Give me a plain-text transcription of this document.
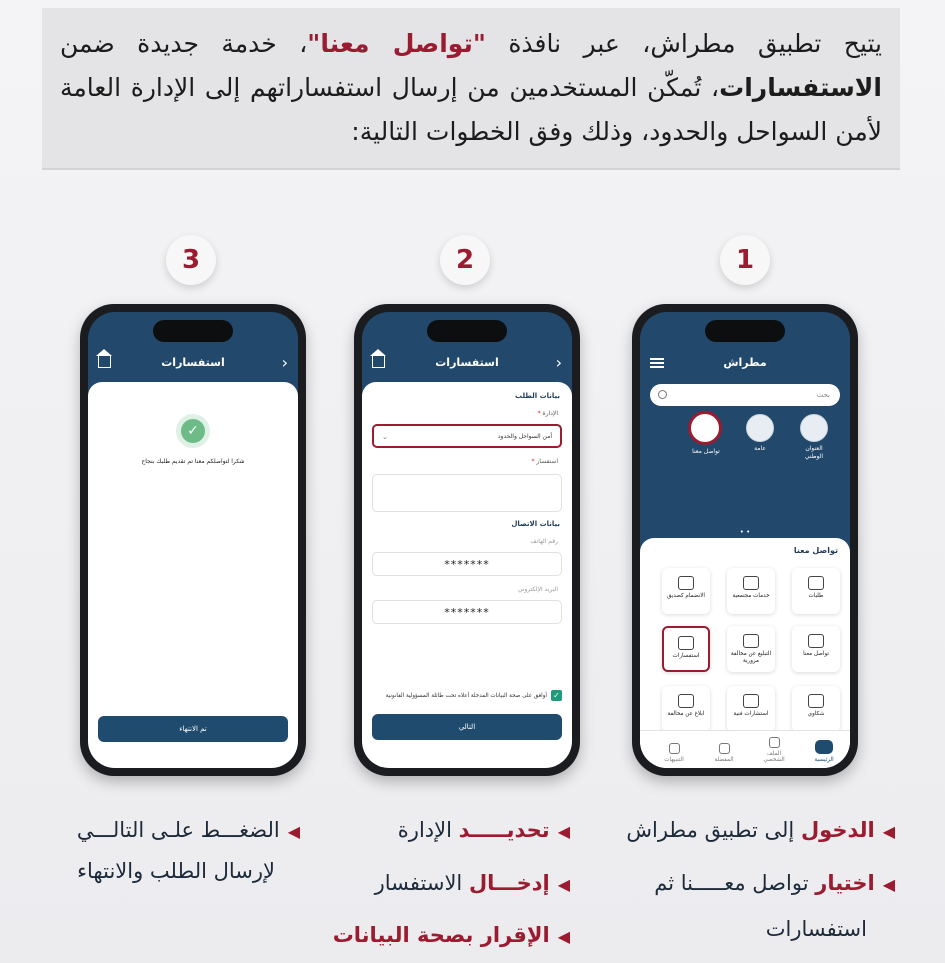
يتيح تطبيق مطراش، عبر نافذة "تواصل معنا"، خدمة جديدة ضمن الاستفسارات، تُمكّن المستخدمين من إرسال استفساراتهم إلى الإدارة العامة لأمن السواحل والحدود، وذلك وفق الخطوات التالية:

1
2
3
مطراش
بحث
العنوان الوطني
عامة
تواصل معنا
• •
تواصل معنا
طلبات
خدمات مجتمعية
الانضمام كصديق
تواصل معنا
التبليغ عن مخالفة مرورية
استفسارات
شكاوي
استشارات فنية
ابلاغ عن مخالفة
الرئيسية
الملف الشخصي
المفضلة
التنبيهات
‹
استفسارات
بيانات الطلب
الإدارة *
أمن السواحل والحدود
⌄
استفسار *
بيانات الاتصال
رقم الهاتف
*******
البريد الإلكتروني
*******
✓أوافق على صحة البيانات المدخلة أعلاه تحت طائلة المسؤولية القانونية
التالي
‹
استفسارات
✓
شكرا لتواصلكم معنا تم تقديم طلبك بنجاح
تم الانتهاء
◀الدخول إلى تطبيق مطراش
◀اختيار تواصل معـــــنا ثم
استفسارات
◀تحديـــــد الإدارة
◀إدخـــال الاستفسار
◀الإقرار بصحة البيانات
◀الضغـــط علـى التالـــي
لإرسال الطلب والانتهاء
